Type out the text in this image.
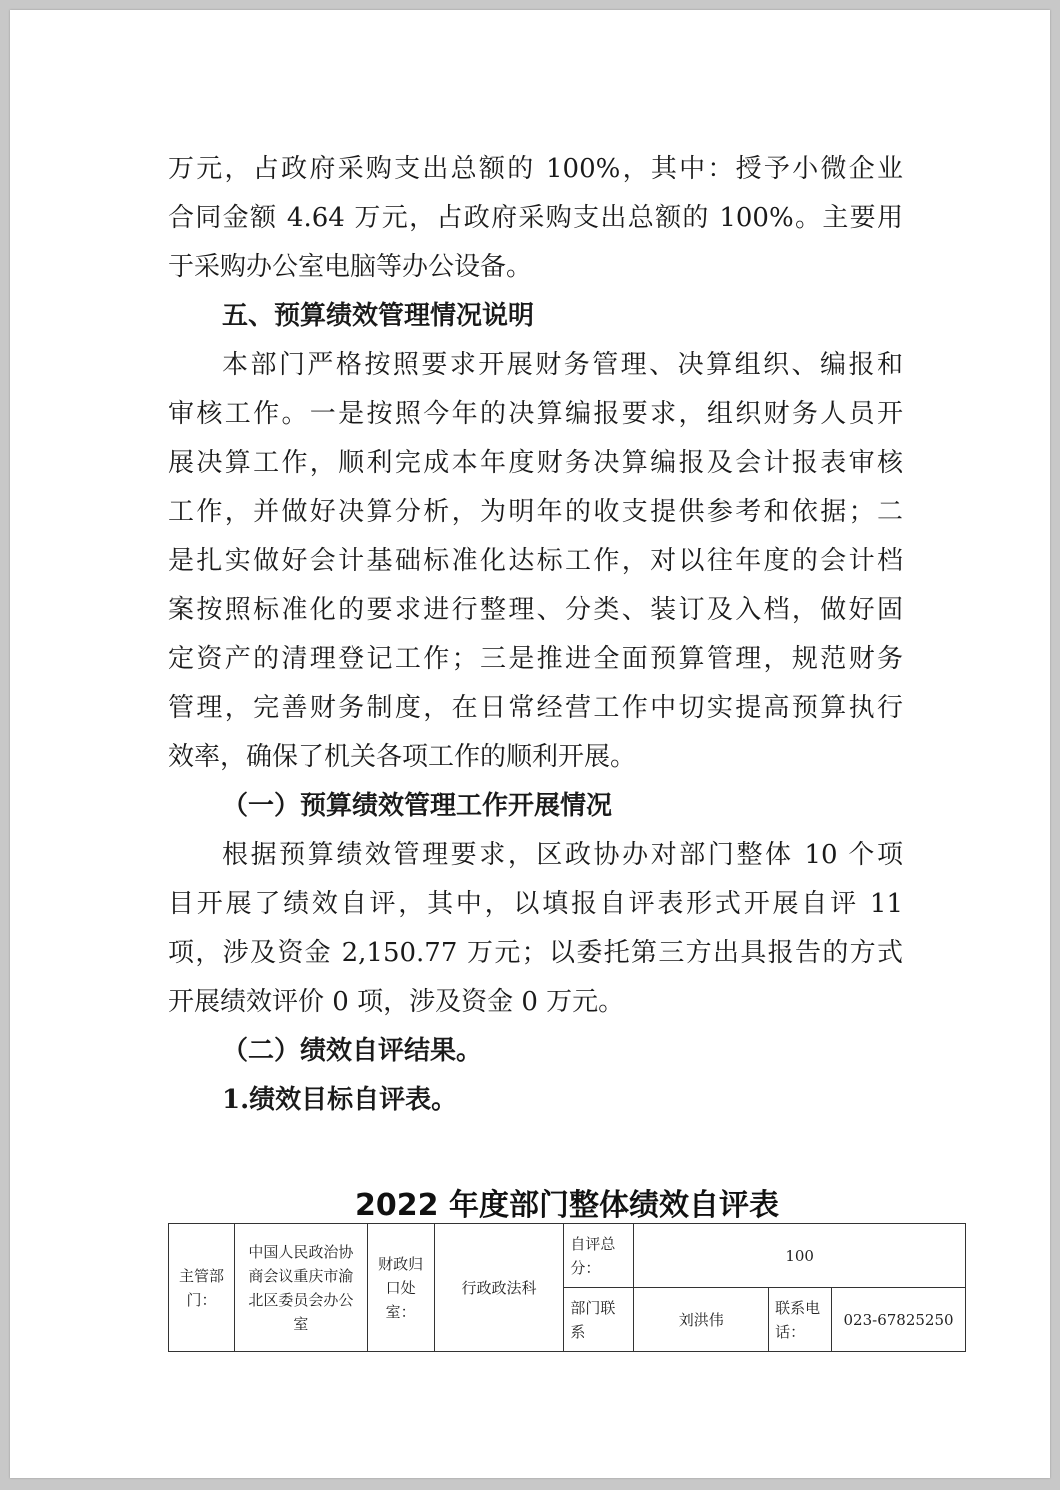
万元，占政府采购支出总额的 100%，其中：授予小微企业
合同金额 4.64 万元，占政府采购支出总额的 100%。主要用
于采购办公室电脑等办公设备。
五、预算绩效管理情况说明
本部门严格按照要求开展财务管理、决算组织、编报和
审核工作。一是按照今年的决算编报要求，组织财务人员开
展决算工作，顺利完成本年度财务决算编报及会计报表审核
工作，并做好决算分析，为明年的收支提供参考和依据；二
是扎实做好会计基础标准化达标工作，对以往年度的会计档
案按照标准化的要求进行整理、分类、装订及入档，做好固
定资产的清理登记工作；三是推进全面预算管理，规范财务
管理，完善财务制度，在日常经营工作中切实提高预算执行
效率，确保了机关各项工作的顺利开展。
（一）预算绩效管理工作开展情况
根据预算绩效管理要求，区政协办对部门整体 10 个项
目开展了绩效自评，其中，以填报自评表形式开展自评 11
项，涉及资金 2,150.77 万元；以委托第三方出具报告的方式
开展绩效评价 0 项，涉及资金 0 万元。
（二）绩效自评结果。
1.绩效目标自评表。
2022 年度部门整体绩效自评表
主管部门：	中国人民政治协商会议重庆市渝北区委员会办公室	财政归口处室：	行政政法科	自评总分：	100		
				部门联系	刘洪伟	联系电话：	023-67825250
